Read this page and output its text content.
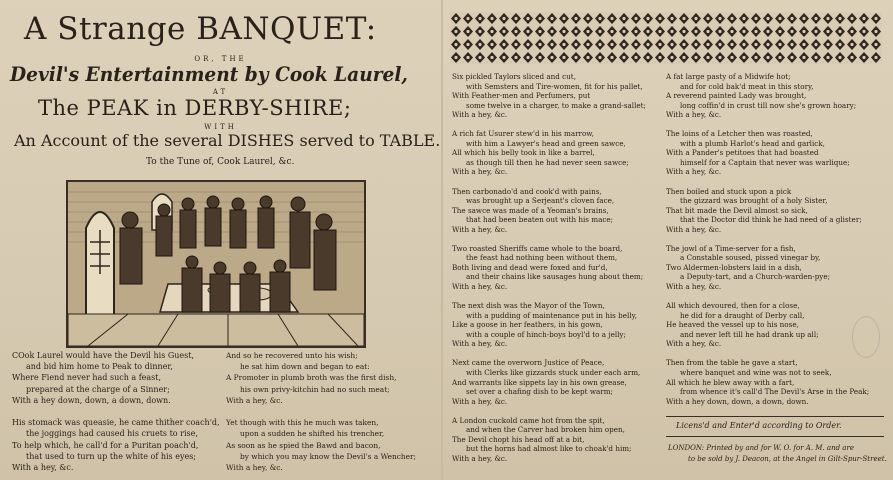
A Strange BANQUET:
OR, THE
Devil's Entertainment by Cook Laurel,
AT
The PEAK in DERBY-SHIRE;
WITH
An Account of the several DISHES served to TABLE.
To the Tune of, Cook Laurel, &c.
COok Laurel would have the Devil his Guest,
and bid him home to Peak to dinner,
Where Fiend never had such a feast,
prepared at the charge of a Sinner;
With a hey down, down, a down, down.

His stomack was queasie, he came thither coach'd,
the joggings had caused his cruets to rise,
To help which, he call'd for a Puritan poach'd,
that used to turn up the white of his eyes;
With a hey, &c.
And so he recovered unto his wish;
he sat him down and began to eat:
A Promoter in plumb broth was the first dish,
his own privy-kitchin had no such meat;
With a hey, &c.

Yet though with this he much was taken,
upon a sudden he shifted his trencher,
As soon as he spied the Bawd and bacon,
by which you may know the Devil's a Wencher;
With a hey, &c.
Six pickled Taylors sliced and cut,
with Semsters and Tire-women, fit for his pallet,
With Feather-men and Perfumers, put
some twelve in a charger, to make a grand-sallet;
With a hey, &c.

A rich fat Usurer stew'd in his marrow,
with him a Lawyer's head and green sawce,
All which his belly took in like a barrel,
as though till then he had never seen sawce;
With a hey, &c.

Then carbonado'd and cook'd with pains,
was brought up a Serjeant's cloven face,
The sawce was made of a Yeoman's brains,
that had been beaten out with his mace;
With a hey, &c.

Two roasted Sheriffs came whole to the board,
the feast had nothing been without them,
Both living and dead were foxed and fur'd,
and their chains like sausages hung about them;
With a hey, &c.

The next dish was the Mayor of the Town,
with a pudding of maintenance put in his belly,
Like a goose in her feathers, in his gown,
with a couple of hinch-boys boyl'd to a jelly;
With a hey, &c.

Next came the overworn Justice of Peace,
with Clerks like gizzards stuck under each arm,
And warrants like sippets lay in his own grease,
set over a chafing dish to be kept warm;
With a hey, &c.

A London cuckold came hot from the spit,
and when the Carver had broken him open,
The Devil chopt his head off at a bit,
but the horns had almost like to choak'd him;
With a hey, &c.
A fat large pasty of a Midwife hot;
and for cold bak'd meat in this story,
A reverend painted Lady was brought,
long coffin'd in crust till now she's grown hoary;
With a hey, &c.

The loins of a Letcher then was roasted,
with a plumb Harlot's head and garlick,
With a Pander's petitoes that had boasted
himself for a Captain that never was warlique;
With a hey, &c.

Then boiled and stuck upon a pick
the gizzard was brought of a holy Sister,
That bit made the Devil almost so sick,
that the Doctor did think he had need of a glister;
With a hey, &c.

The jowl of a Time-server for a fish,
a Constable soused, pissed vinegar by,
Two Aldermen-lobsters laid in a dish,
a Deputy-tart, and a Church-warden-pye;
With a hey, &c.

All which devoured, then for a close,
he did for a draught of Derby call,
He heaved the vessel up to his nose,
and never left till he had drank up all;
With a hey, &c.

Then from the table he gave a start,
where banquet and wine was not to seek,
All which he blew away with a fart,
from whence it's call'd The Devil's Arse in the Peak;
With a hey down, down, a down, down.
Licens'd and Enter'd according to Order.
LONDON: Printed by and for W. O. for A. M. and are
to be sold by J. Deacon, at the Angel in Gilt-Spur-Street.
